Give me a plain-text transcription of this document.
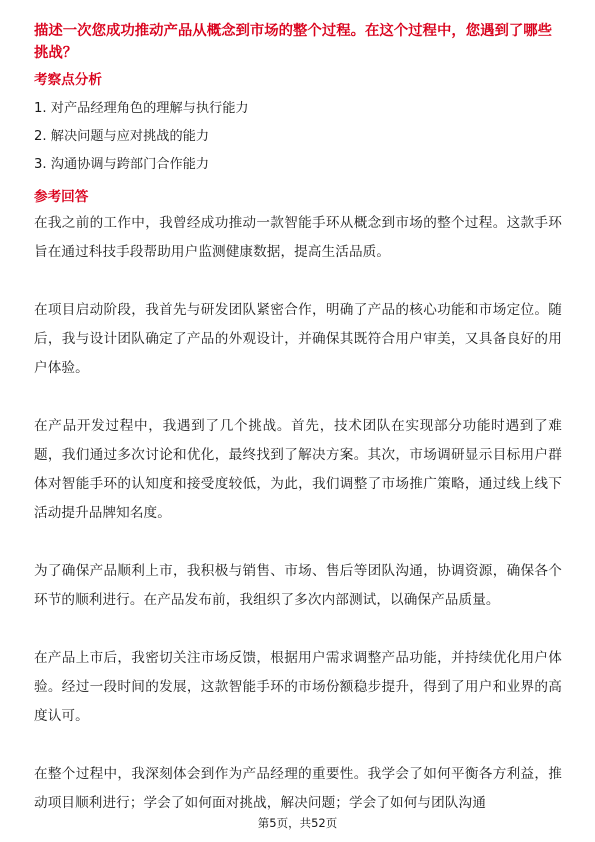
描述一次您成功推动产品从概念到市场的整个过程。在这个过程中，您遇到了哪些挑战？

考察点分析
1. 对产品经理角色的理解与执行能力
2. 解决问题与应对挑战的能力
3. 沟通协调与跨部门合作能力
参考回答

在我之前的工作中，我曾经成功推动一款智能手环从概念到市场的整个过程。这款手环旨在通过科技手段帮助用户监测健康数据，提高生活品质。

在项目启动阶段，我首先与研发团队紧密合作，明确了产品的核心功能和市场定位。随后，我与设计团队确定了产品的外观设计，并确保其既符合用户审美，又具备良好的用户体验。

在产品开发过程中，我遇到了几个挑战。首先，技术团队在实现部分功能时遇到了难题，我们通过多次讨论和优化，最终找到了解决方案。其次，市场调研显示目标用户群体对智能手环的认知度和接受度较低，为此，我们调整了市场推广策略，通过线上线下活动提升品牌知名度。

为了确保产品顺利上市，我积极与销售、市场、售后等团队沟通，协调资源，确保各个环节的顺利进行。在产品发布前，我组织了多次内部测试，以确保产品质量。

在产品上市后，我密切关注市场反馈，根据用户需求调整产品功能，并持续优化用户体验。经过一段时间的发展，这款智能手环的市场份额稳步提升，得到了用户和业界的高度认可。

在整个过程中，我深刻体会到作为产品经理的重要性。我学会了如何平衡各方利益，推动项目顺利进行；学会了如何面对挑战，解决问题；学会了如何与团队沟通

第5页，共52页
